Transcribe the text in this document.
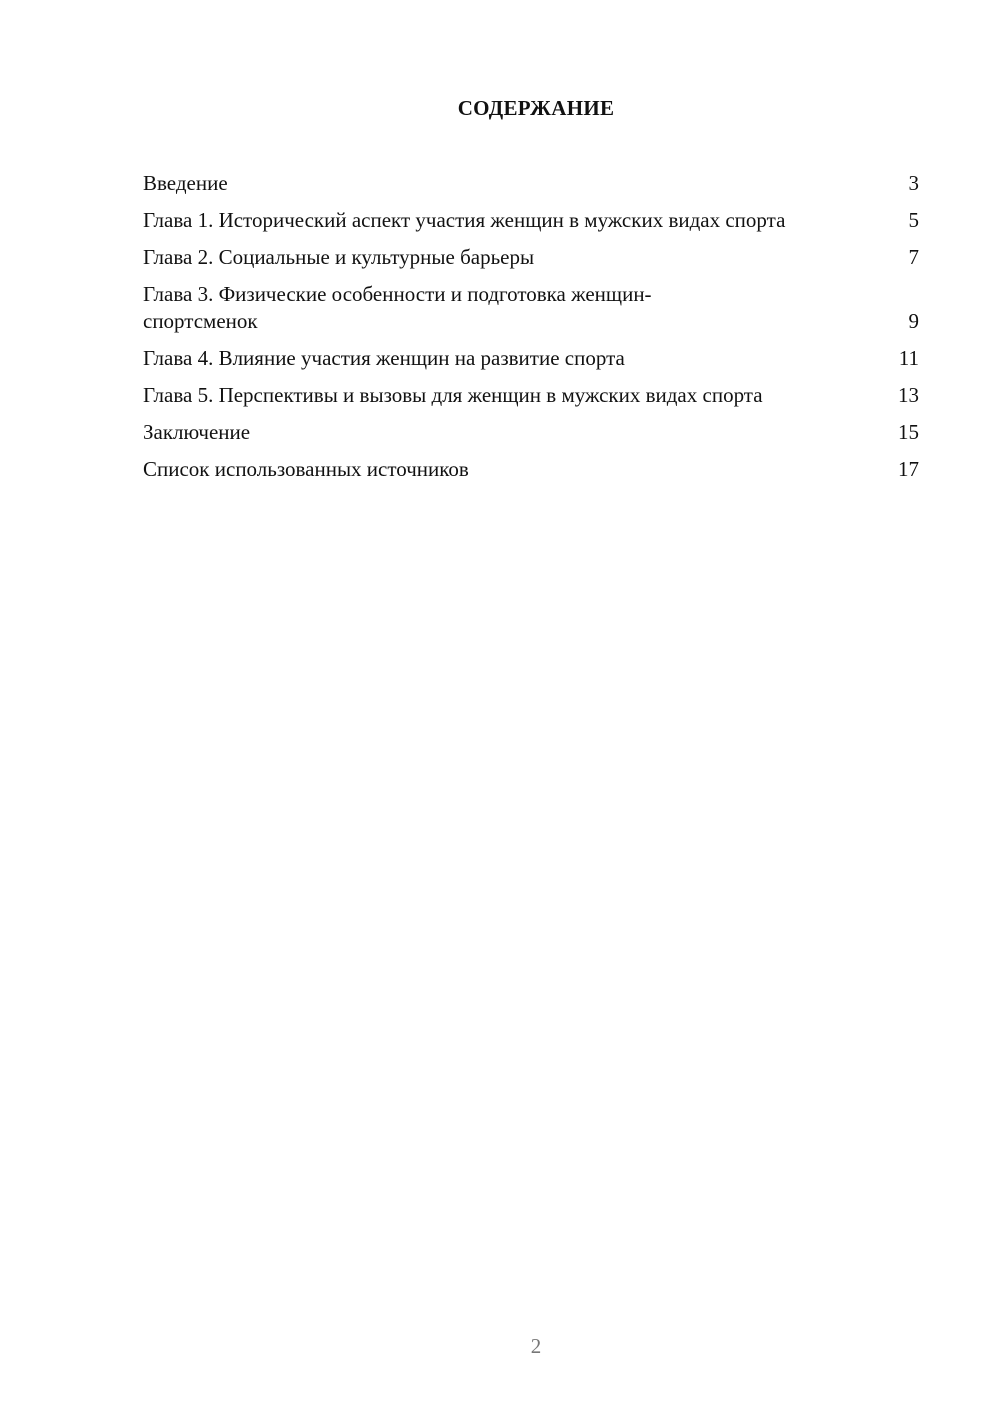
СОДЕРЖАНИЕ
Введение	3
Глава 1. Исторический аспект участия женщин в мужских видах спорта	5
Глава 2. Социальные и культурные барьеры	7
Глава 3. Физические особенности и подготовка женщин-спортсменок	9
Глава 4. Влияние участия женщин на развитие спорта	11
Глава 5. Перспективы и вызовы для женщин в мужских видах спорта	13
Заключение	15
Список использованных источников	17
2
